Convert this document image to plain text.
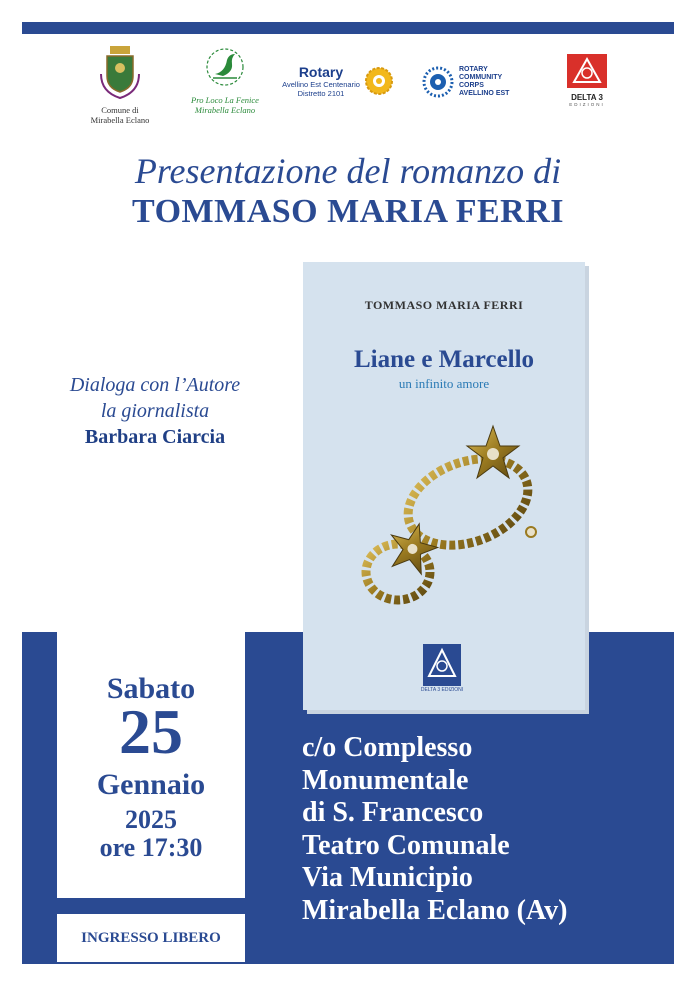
Comune di
Mirabella Eclano
Pro Loco La Fenice
Mirabella Eclano
Rotary
Avellino Est Centenario
Distretto 2101
ROTARY
COMMUNITY
CORPS
AVELLINO EST	DELTA 3
EDIZIONI
Presentazione del romanzo di
TOMMASO MARIA FERRI
Dialoga con l’Autore
la giornalista
Barbara Ciarcia
Sabato
25
Gennaio
2025
ore 17:30
INGRESSO LIBERO
c/o Complesso
Monumentale
di S. Francesco
Teatro Comunale
Via Municipio
Mirabella Eclano (Av)
TOMMASO MARIA FERRI
Liane e Marcello
un infinito amore
DELTA 3 EDIZIONI
